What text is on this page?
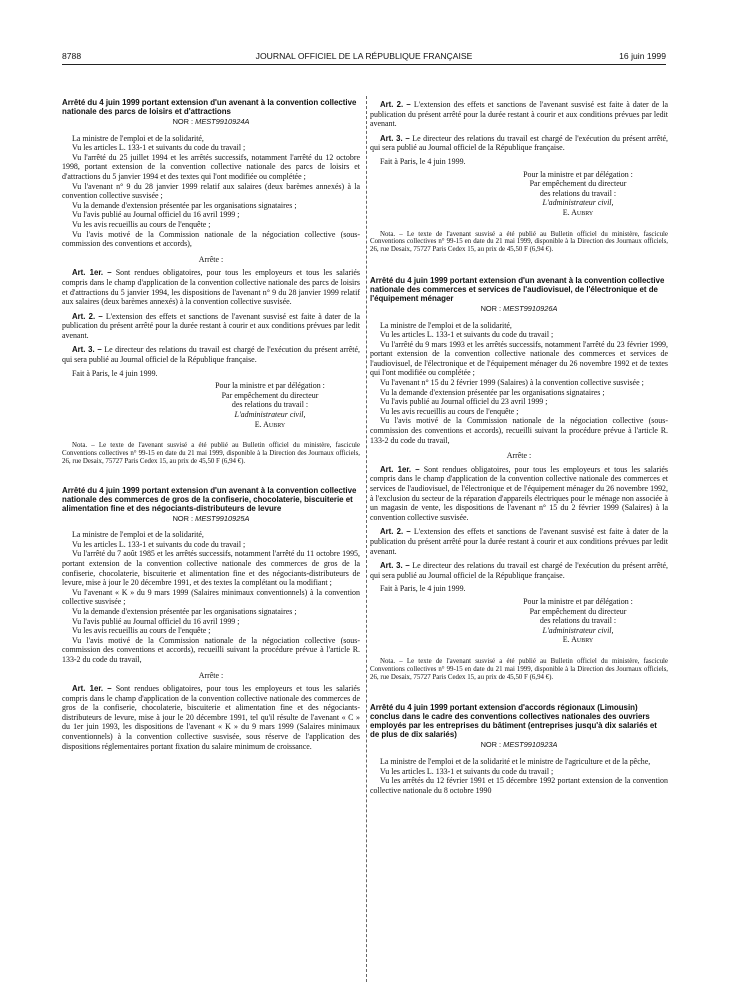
8788	JOURNAL OFFICIEL DE LA RÉPUBLIQUE FRANÇAISE	16 juin 1999
Arrêté du 4 juin 1999 portant extension d'un avenant à la convention collective nationale des parcs de loisirs et d'attractions
NOR : MEST9910924A

La ministre de l'emploi et de la solidarité,

Vu les articles L. 133-1 et suivants du code du travail ;

Vu l'arrêté du 25 juillet 1994 et les arrêtés successifs, notamment l'arrêté du 12 octobre 1998, portant extension de la convention collective nationale des parcs de loisirs et d'attractions du 5 janvier 1994 et des textes qui l'ont modifiée ou complétée ;

Vu l'avenant n° 9 du 28 janvier 1999 relatif aux salaires (deux barèmes annexés) à la convention collective susvisée ;

Vu la demande d'extension présentée par les organisations signataires ;

Vu l'avis publié au Journal officiel du 16 avril 1999 ;

Vu les avis recueillis au cours de l'enquête ;

Vu l'avis motivé de la Commission nationale de la négociation collective (sous-commission des conventions et accords),

Arrête :

Art. 1er. – Sont rendues obligatoires, pour tous les employeurs et tous les salariés compris dans le champ d'application de la convention collective nationale des parcs de loisirs et d'attractions du 5 janvier 1994, les dispositions de l'avenant n° 9 du 28 janvier 1999 relatif aux salaires (deux barèmes annexés) à la convention collective susvisée.

Art. 2. – L'extension des effets et sanctions de l'avenant susvisé est faite à dater de la publication du présent arrêté pour la durée restant à courir et aux conditions prévues par ledit avenant.

Art. 3. – Le directeur des relations du travail est chargé de l'exécution du présent arrêté, qui sera publié au Journal officiel de la République française.

Fait à Paris, le 4 juin 1999.

Pour la ministre et par délégation :
Par empêchement du directeur
des relations du travail :
L'administrateur civil,
E. Aubry

Nota. – Le texte de l'avenant susvisé a été publié au Bulletin officiel du ministère, fascicule Conventions collectives n° 99-15 en date du 21 mai 1999, disponible à la Direction des Journaux officiels, 26, rue Desaix, 75727 Paris Cedex 15, au prix de 45,50 F (6,94 €).

Arrêté du 4 juin 1999 portant extension d'un avenant à la convention collective nationale des commerces de gros de la confiserie, chocolaterie, biscuiterie et alimentation fine et des négociants-distributeurs de levure
NOR : MEST9910925A

La ministre de l'emploi et de la solidarité,

Vu les articles L. 133-1 et suivants du code du travail ;

Vu l'arrêté du 7 août 1985 et les arrêtés successifs, notamment l'arrêté du 11 octobre 1995, portant extension de la convention collective nationale des commerces de gros de la confiserie, chocolaterie, biscuiterie et alimentation fine et des négociants-distributeurs de levure, mise à jour le 20 décembre 1991, et des textes la complétant ou la modifiant ;

Vu l'avenant « K » du 9 mars 1999 (Salaires minimaux conventionnels) à la convention collective susvisée ;

Vu la demande d'extension présentée par les organisations signataires ;

Vu l'avis publié au Journal officiel du 16 avril 1999 ;

Vu les avis recueillis au cours de l'enquête ;

Vu l'avis motivé de la Commission nationale de la négociation collective (sous-commission des conventions et accords), recueilli suivant la procédure prévue à l'article R. 133-2 du code du travail,

Arrête :

Art. 1er. – Sont rendues obligatoires, pour tous les employeurs et tous les salariés compris dans le champ d'application de la convention collective nationale des commerces de gros de la confiserie, chocolaterie, biscuiterie et alimentation fine et des négociants-distributeurs de levure, mise à jour le 20 décembre 1991, tel qu'il résulte de l'avenant « C » du 1er juin 1993, les dispositions de l'avenant « K » du 9 mars 1999 (Salaires minimaux conventionnels) à la convention collective susvisée, sous réserve de l'application des dispositions réglementaires portant fixation du salaire minimum de croissance.

Art. 2. – L'extension des effets et sanctions de l'avenant susvisé est faite à dater de la publication du présent arrêté pour la durée restant à courir et aux conditions prévues par ledit avenant.

Art. 3. – Le directeur des relations du travail est chargé de l'exécution du présent arrêté, qui sera publié au Journal officiel de la République française.

Fait à Paris, le 4 juin 1999.

Pour la ministre et par délégation :
Par empêchement du directeur
des relations du travail :
L'administrateur civil,
E. Aubry

Nota. – Le texte de l'avenant susvisé a été publié au Bulletin officiel du ministère, fascicule Conventions collectives n° 99-15 en date du 21 mai 1999, disponible à la Direction des Journaux officiels, 26, rue Desaix, 75727 Paris Cedex 15, au prix de 45,50 F (6,94 €).

Arrêté du 4 juin 1999 portant extension d'un avenant à la convention collective nationale des commerces et services de l'audiovisuel, de l'électronique et de l'équipement ménager
NOR : MEST9910926A

La ministre de l'emploi et de la solidarité,

Vu les articles L. 133-1 et suivants du code du travail ;

Vu l'arrêté du 9 mars 1993 et les arrêtés successifs, notamment l'arrêté du 23 février 1999, portant extension de la convention collective nationale des commerces et services de l'audiovisuel, de l'électronique et de l'équipement ménager du 26 novembre 1992 et de textes qui l'ont modifiée ou complétée ;

Vu l'avenant n° 15 du 2 février 1999 (Salaires) à la convention collective susvisée ;

Vu la demande d'extension présentée par les organisations signataires ;

Vu l'avis publié au Journal officiel du 23 avril 1999 ;

Vu les avis recueillis au cours de l'enquête ;

Vu l'avis motivé de la Commission nationale de la négociation collective (sous-commission des conventions et accords), recueilli suivant la procédure prévue à l'article R. 133-2 du code du travail,

Arrête :

Art. 1er. – Sont rendues obligatoires, pour tous les employeurs et tous les salariés compris dans le champ d'application de la convention collective nationale des commerces et services de l'audiovisuel, de l'électronique et de l'équipement ménager du 26 novembre 1992, à l'exclusion du secteur de la réparation d'appareils électriques pour le ménage non associée à un magasin de vente, les dispositions de l'avenant n° 15 du 2 février 1999 (Salaires) à la convention collective susvisée.

Art. 2. – L'extension des effets et sanctions de l'avenant susvisé est faite à dater de la publication du présent arrêté pour la durée restant à courir et aux conditions prévues par ledit avenant.

Art. 3. – Le directeur des relations du travail est chargé de l'exécution du présent arrêté, qui sera publié au Journal officiel de la République française.

Fait à Paris, le 4 juin 1999.

Pour la ministre et par délégation :
Par empêchement du directeur
des relations du travail :
L'administrateur civil,
E. Aubry

Nota. – Le texte de l'avenant susvisé a été publié au Bulletin officiel du ministère, fascicule Conventions collectives n° 99-15 en date du 21 mai 1999, disponible à la Direction des Journaux officiels, 26, rue Desaix, 75727 Paris Cedex 15, au prix de 45,50 F (6,94 €).

Arrêté du 4 juin 1999 portant extension d'accords régionaux (Limousin) conclus dans le cadre des conventions collectives nationales des ouvriers employés par les entreprises du bâtiment (entreprises jusqu'à dix salariés et de plus de dix salariés)
NOR : MEST9910923A

La ministre de l'emploi et de la solidarité et le ministre de l'agriculture et de la pêche,

Vu les articles L. 133-1 et suivants du code du travail ;

Vu les arrêtés du 12 février 1991 et 15 décembre 1992 portant extension de la convention collective nationale du 8 octobre 1990
